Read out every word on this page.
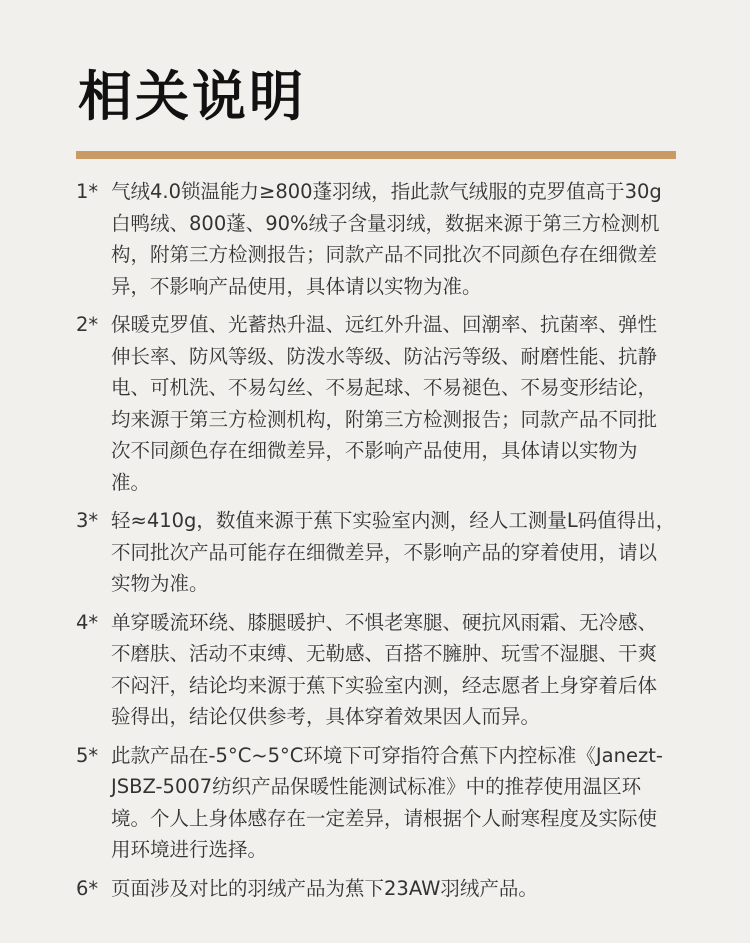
相关说明
1* 气绒4.0锁温能力≥800蓬羽绒，指此款气绒服的克罗值高于30g白鸭绒、800蓬、90%绒子含量羽绒，数据来源于第三方检测机构，附第三方检测报告；同款产品不同批次不同颜色存在细微差异，不影响产品使用，具体请以实物为准。
2* 保暖克罗值、光蓄热升温、远红外升温、回潮率、抗菌率、弹性伸长率、防风等级、防泼水等级、防沾污等级、耐磨性能、抗静电、可机洗、不易勾丝、不易起球、不易褪色、不易变形结论，均来源于第三方检测机构，附第三方检测报告；同款产品不同批次不同颜色存在细微差异，不影响产品使用，具体请以实物为准。
3* 轻≈410g，数值来源于蕉下实验室内测，经人工测量L码值得出，不同批次产品可能存在细微差异，不影响产品的穿着使用，请以实物为准。
4* 单穿暖流环绕、膝腿暖护、不惧老寒腿、硬抗风雨霜、无冷感、不磨肤、活动不束缚、无勒感、百搭不臃肿、玩雪不湿腿、干爽不闷汗，结论均来源于蕉下实验室内测，经志愿者上身穿着后体验得出，结论仅供参考，具体穿着效果因人而异。
5* 此款产品在-5°C~5°C环境下可穿指符合蕉下内控标准《Janezt-JSBZ-5007纺织产品保暖性能测试标准》中的推荐使用温区环境。个人上身体感存在一定差异，请根据个人耐寒程度及实际使用环境进行选择。
6* 页面涉及对比的羽绒产品为蕉下23AW羽绒产品。
